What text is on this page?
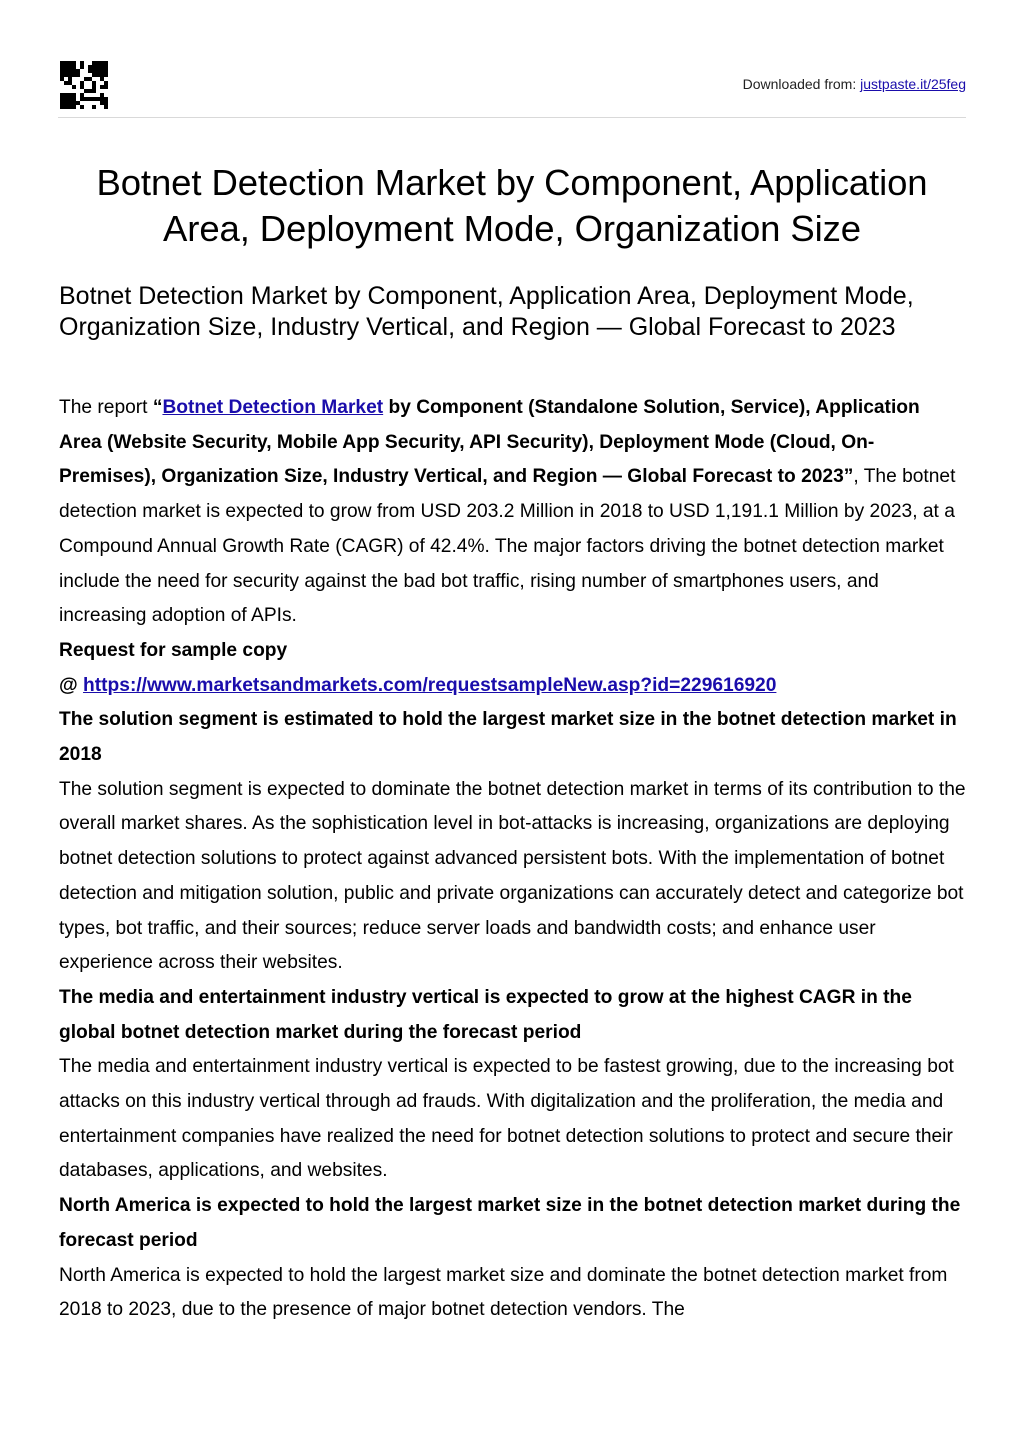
Downloaded from: justpaste.it/25feg
Botnet Detection Market by Component, Application Area, Deployment Mode, Organization Size
Botnet Detection Market by Component, Application Area, Deployment Mode, Organization Size, Industry Vertical, and Region — Global Forecast to 2023

The report “Botnet Detection Market by Component (Standalone Solution, Service), Application Area (Website Security, Mobile App Security, API Security), Deployment Mode (Cloud, On-Premises), Organization Size, Industry Vertical, and Region — Global Forecast to 2023”, The botnet detection market is expected to grow from USD 203.2 Million in 2018 to USD 1,191.1 Million by 2023, at a Compound Annual Growth Rate (CAGR) of 42.4%. The major factors driving the botnet detection market include the need for security against the bad bot traffic, rising number of smartphones users, and increasing adoption of APIs.

Request for sample copy

@ https://www.marketsandmarkets.com/requestsampleNew.asp?id=229616920

The solution segment is estimated to hold the largest market size in the botnet detection market in 2018

The solution segment is expected to dominate the botnet detection market in terms of its contribution to the overall market shares. As the sophistication level in bot-attacks is increasing, organizations are deploying botnet detection solutions to protect against advanced persistent bots. With the implementation of botnet detection and mitigation solution, public and private organizations can accurately detect and categorize bot types, bot traffic, and their sources; reduce server loads and bandwidth costs; and enhance user experience across their websites.

The media and entertainment industry vertical is expected to grow at the highest CAGR in the global botnet detection market during the forecast period

The media and entertainment industry vertical is expected to be fastest growing, due to the increasing bot attacks on this industry vertical through ad frauds. With digitalization and the proliferation, the media and entertainment companies have realized the need for botnet detection solutions to protect and secure their databases, applications, and websites.

North America is expected to hold the largest market size in the botnet detection market during the forecast period

North America is expected to hold the largest market size and dominate the botnet detection market from 2018 to 2023, due to the presence of major botnet detection vendors. The
